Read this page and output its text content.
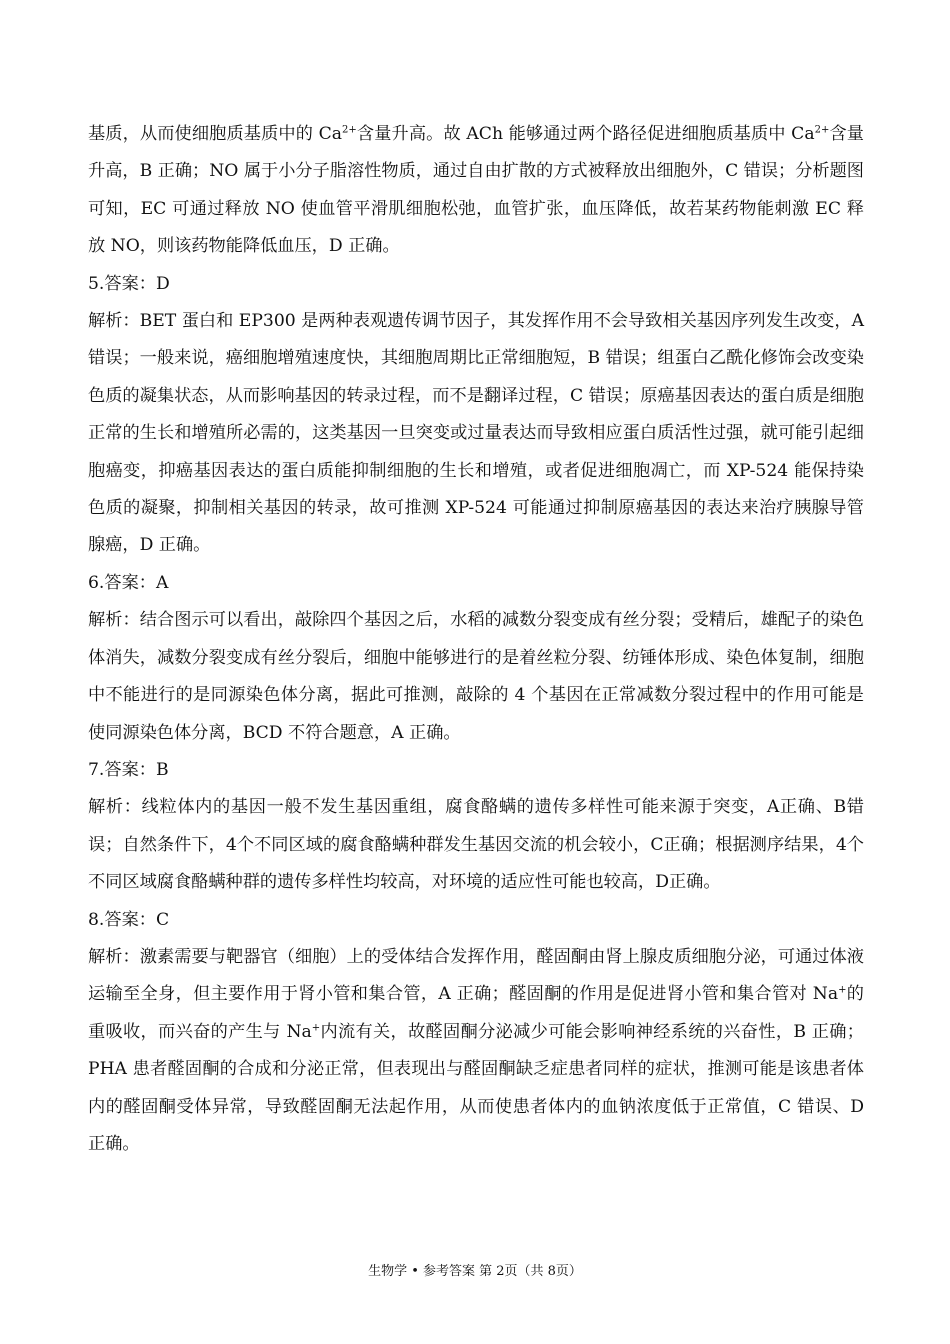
基质，从而使细胞质基质中的 $Ca^{2+}$含量升高。故 ACh 能够通过两个路径促进细胞质基质中 $Ca^{2+}$含量升高，B 正确；NO 属于小分子脂溶性物质，通过自由扩散的方式被释放出细胞外，C 错误；分析题图可知，EC 可通过释放 NO 使血管平滑肌细胞松弛，血管扩张，血压降低，故若某药物能刺激 EC 释放 NO，则该药物能降低血压，D 正确。

5.答案：D

解析：BET 蛋白和 EP300 是两种表观遗传调节因子，其发挥作用不会导致相关基因序列发生改变，A 错误；一般来说，癌细胞增殖速度快，其细胞周期比正常细胞短，B 错误；组蛋白乙酰化修饰会改变染色质的凝集状态，从而影响基因的转录过程，而不是翻译过程，C 错误；原癌基因表达的蛋白质是细胞正常的生长和增殖所必需的，这类基因一旦突变或过量表达而导致相应蛋白质活性过强，就可能引起细胞癌变，抑癌基因表达的蛋白质能抑制细胞的生长和增殖，或者促进细胞凋亡，而 XP-524 能保持染色质的凝聚，抑制相关基因的转录，故可推测 XP-524 可能通过抑制原癌基因的表达来治疗胰腺导管腺癌，D 正确。

6.答案：A

解析：结合图示可以看出，敲除四个基因之后，水稻的减数分裂变成有丝分裂；受精后，雄配子的染色体消失，减数分裂变成有丝分裂后，细胞中能够进行的是着丝粒分裂、纺锤体形成、染色体复制，细胞中不能进行的是同源染色体分离，据此可推测，敲除的 4 个基因在正常减数分裂过程中的作用可能是使同源染色体分离，BCD 不符合题意，A 正确。

7.答案：B

解析：线粒体内的基因一般不发生基因重组，腐食酪螨的遗传多样性可能来源于突变，A正确、B错误；自然条件下，4个不同区域的腐食酪螨种群发生基因交流的机会较小，C正确；根据测序结果，4个不同区域腐食酪螨种群的遗传多样性均较高，对环境的适应性可能也较高，D正确。

8.答案：C

解析：激素需要与靶器官（细胞）上的受体结合发挥作用，醛固酮由肾上腺皮质细胞分泌，可通过体液运输至全身，但主要作用于肾小管和集合管，A 正确；醛固酮的作用是促进肾小管和集合管对 Na+的重吸收，而兴奋的产生与 Na+内流有关，故醛固酮分泌减少可能会影响神经系统的兴奋性，B 正确；PHA 患者醛固酮的合成和分泌正常，但表现出与醛固酮缺乏症患者同样的症状，推测可能是该患者体内的醛固酮受体异常，导致醛固酮无法起作用，从而使患者体内的血钠浓度低于正常值，C 错误、D 正确。

生物学 • 参考答案 第 2页（共 8页）
